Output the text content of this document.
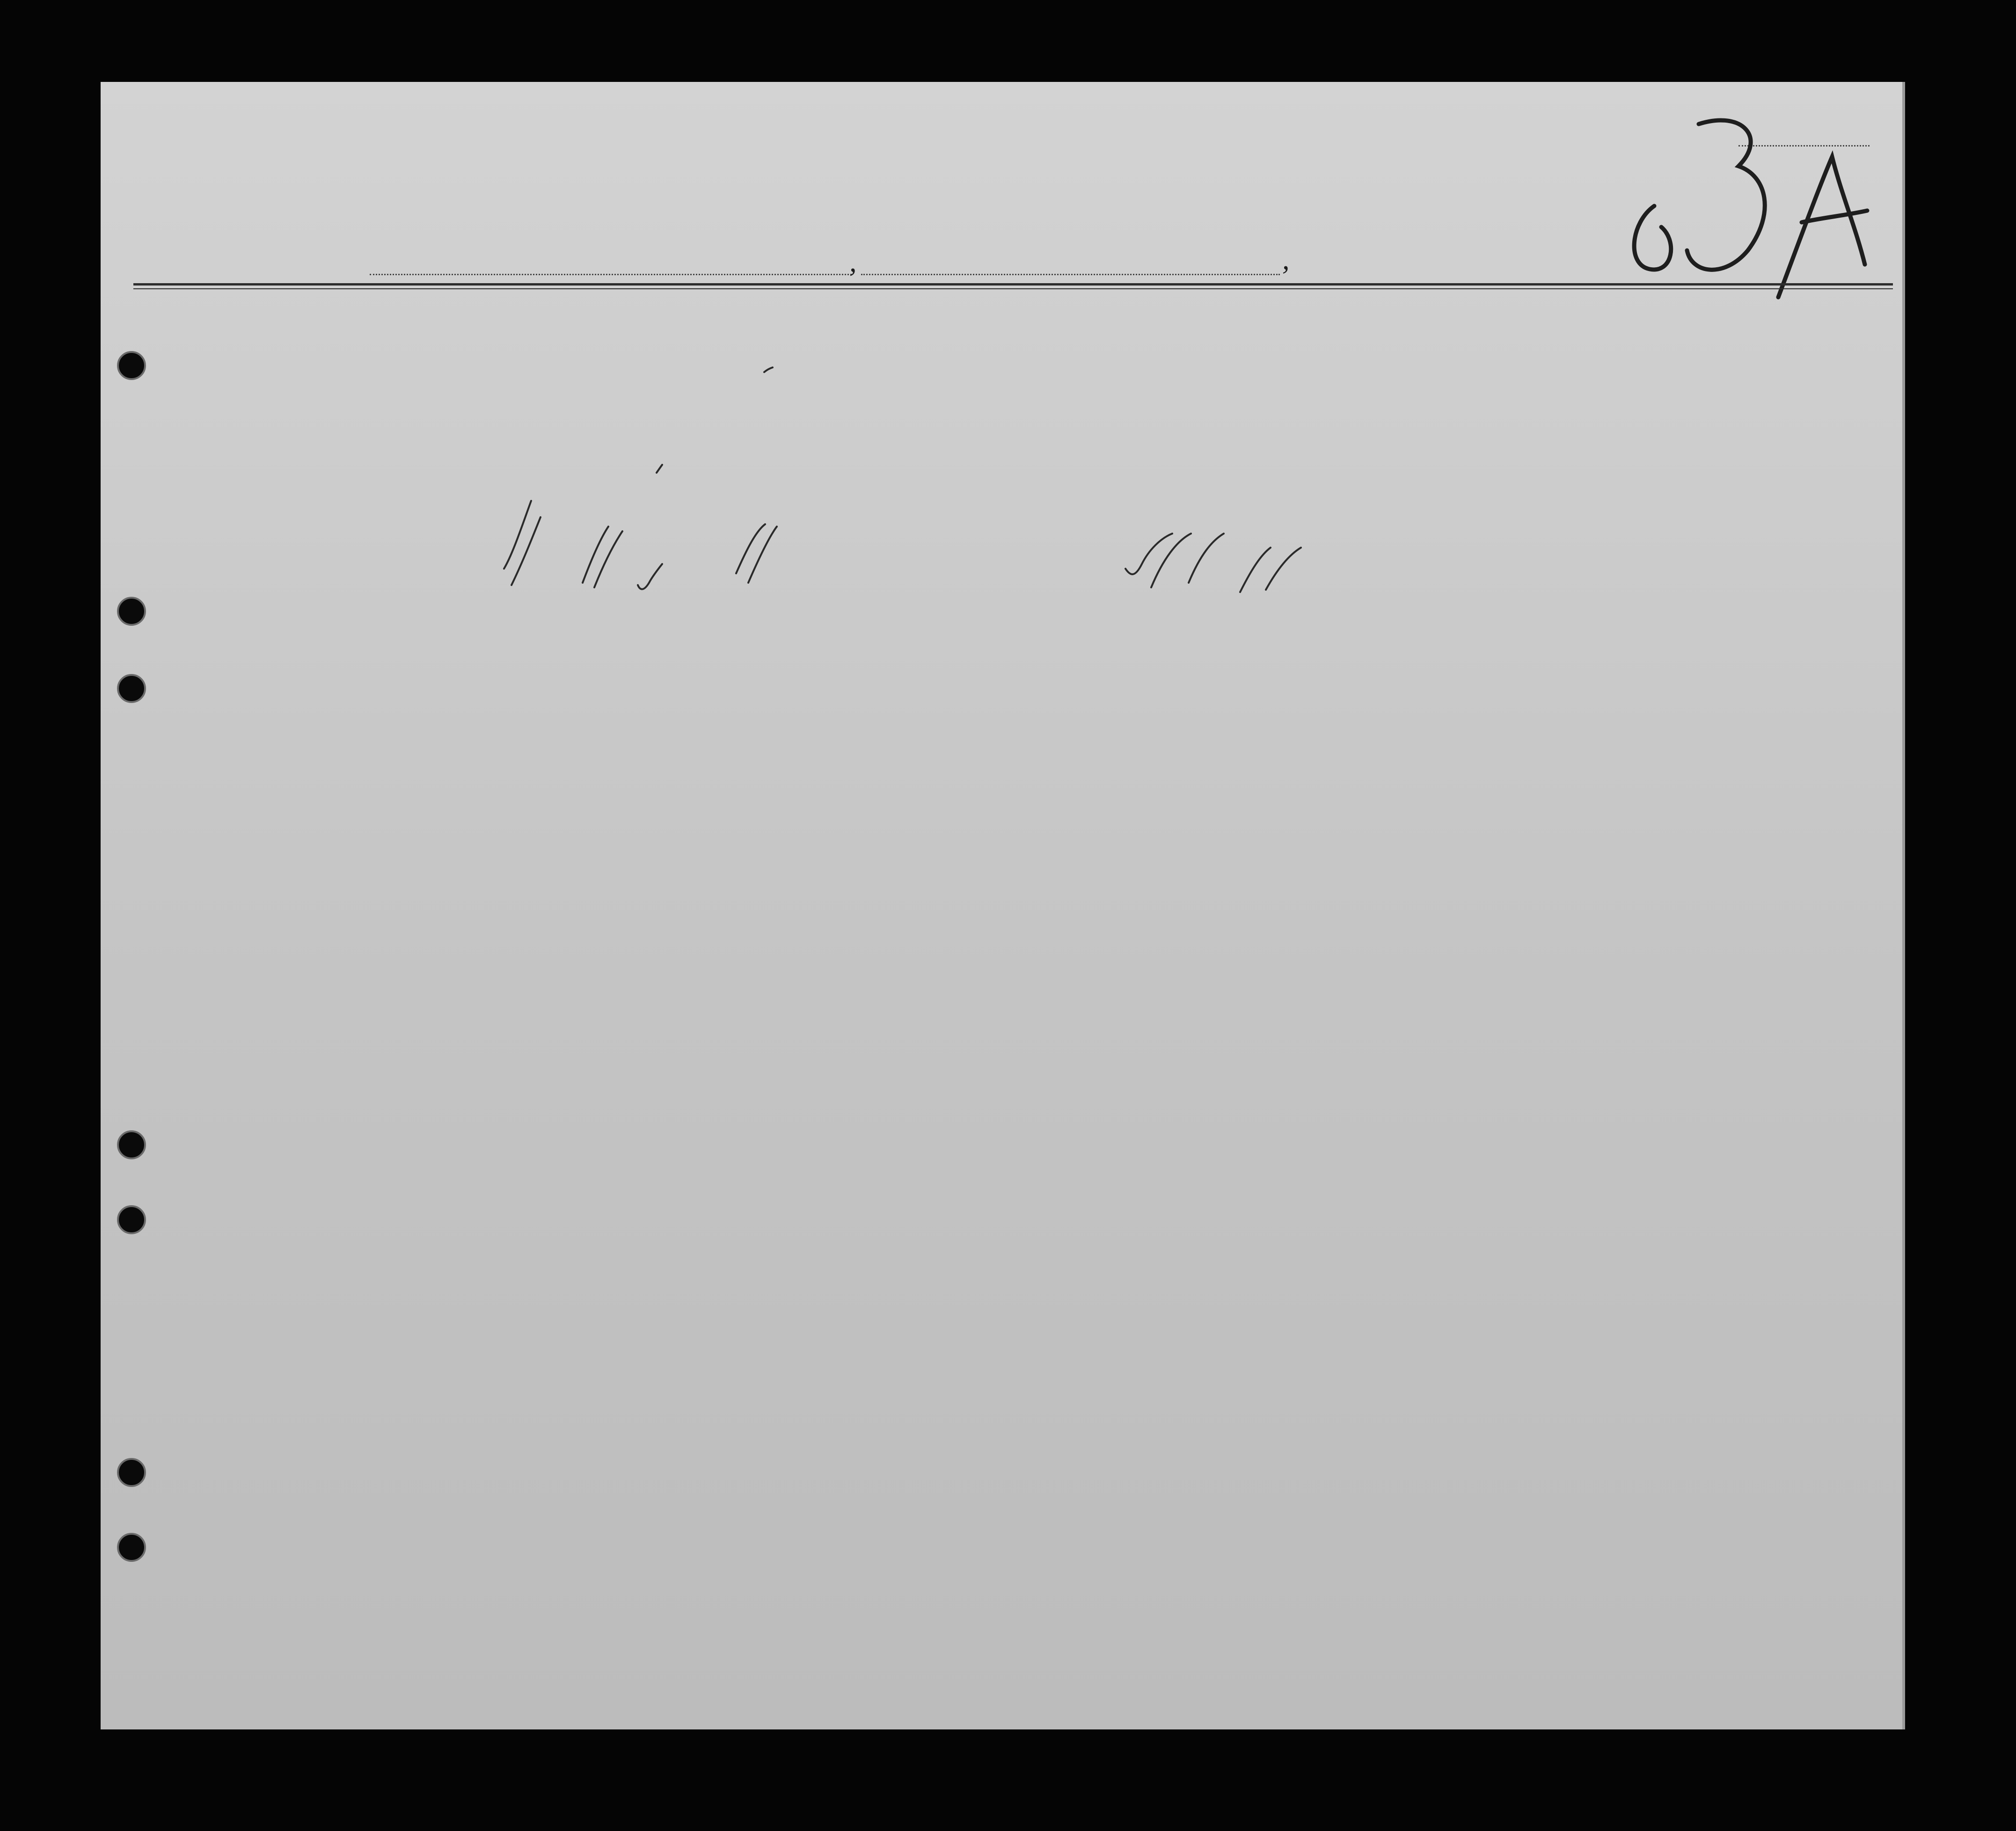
,	,
